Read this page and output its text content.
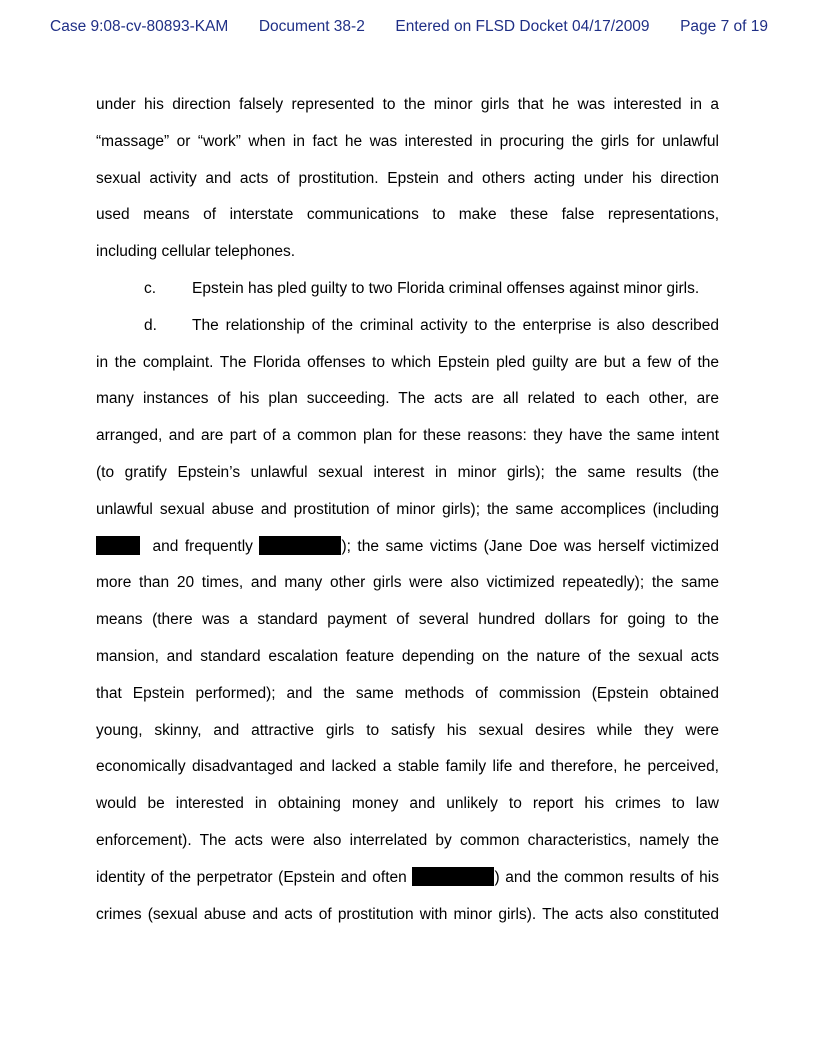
Case 9:08-cv-80893-KAM Document 38-2 Entered on FLSD Docket 04/17/2009 Page 7 of 19
under his direction falsely represented to the minor girls that he was interested in a
“massage” or “work” when in fact he was interested in procuring the girls for unlawful
sexual activity and acts of prostitution. Epstein and others acting under his direction
used means of interstate communications to make these false representations,
including cellular telephones.
c. Epstein has pled guilty to two Florida criminal offenses against minor girls.
d. The relationship of the criminal activity to the enterprise is also described
in the complaint. The Florida offenses to which Epstein pled guilty are but a few of the
many instances of his plan succeeding. The acts are all related to each other, are
arranged, and are part of a common plan for these reasons: they have the same intent
(to gratify Epstein’s unlawful sexual interest in minor girls); the same results (the
unlawful sexual abuse and prostitution of minor girls); the same accomplices (including
and frequently	); the same victims (Jane Doe was herself victimized
more than 20 times, and many other girls were also victimized repeatedly); the same
means (there was a standard payment of several hundred dollars for going to the
mansion, and standard escalation feature depending on the nature of the sexual acts
that Epstein performed); and the same methods of commission (Epstein obtained
young, skinny, and attractive girls to satisfy his sexual desires while they were
economically disadvantaged and lacked a stable family life and therefore, he perceived,
would be interested in obtaining money and unlikely to report his crimes to law
enforcement). The acts were also interrelated by common characteristics, namely the
identity of the perpetrator (Epstein and often	) and the common results of his
crimes (sexual abuse and acts of prostitution with minor girls). The acts also constituted
